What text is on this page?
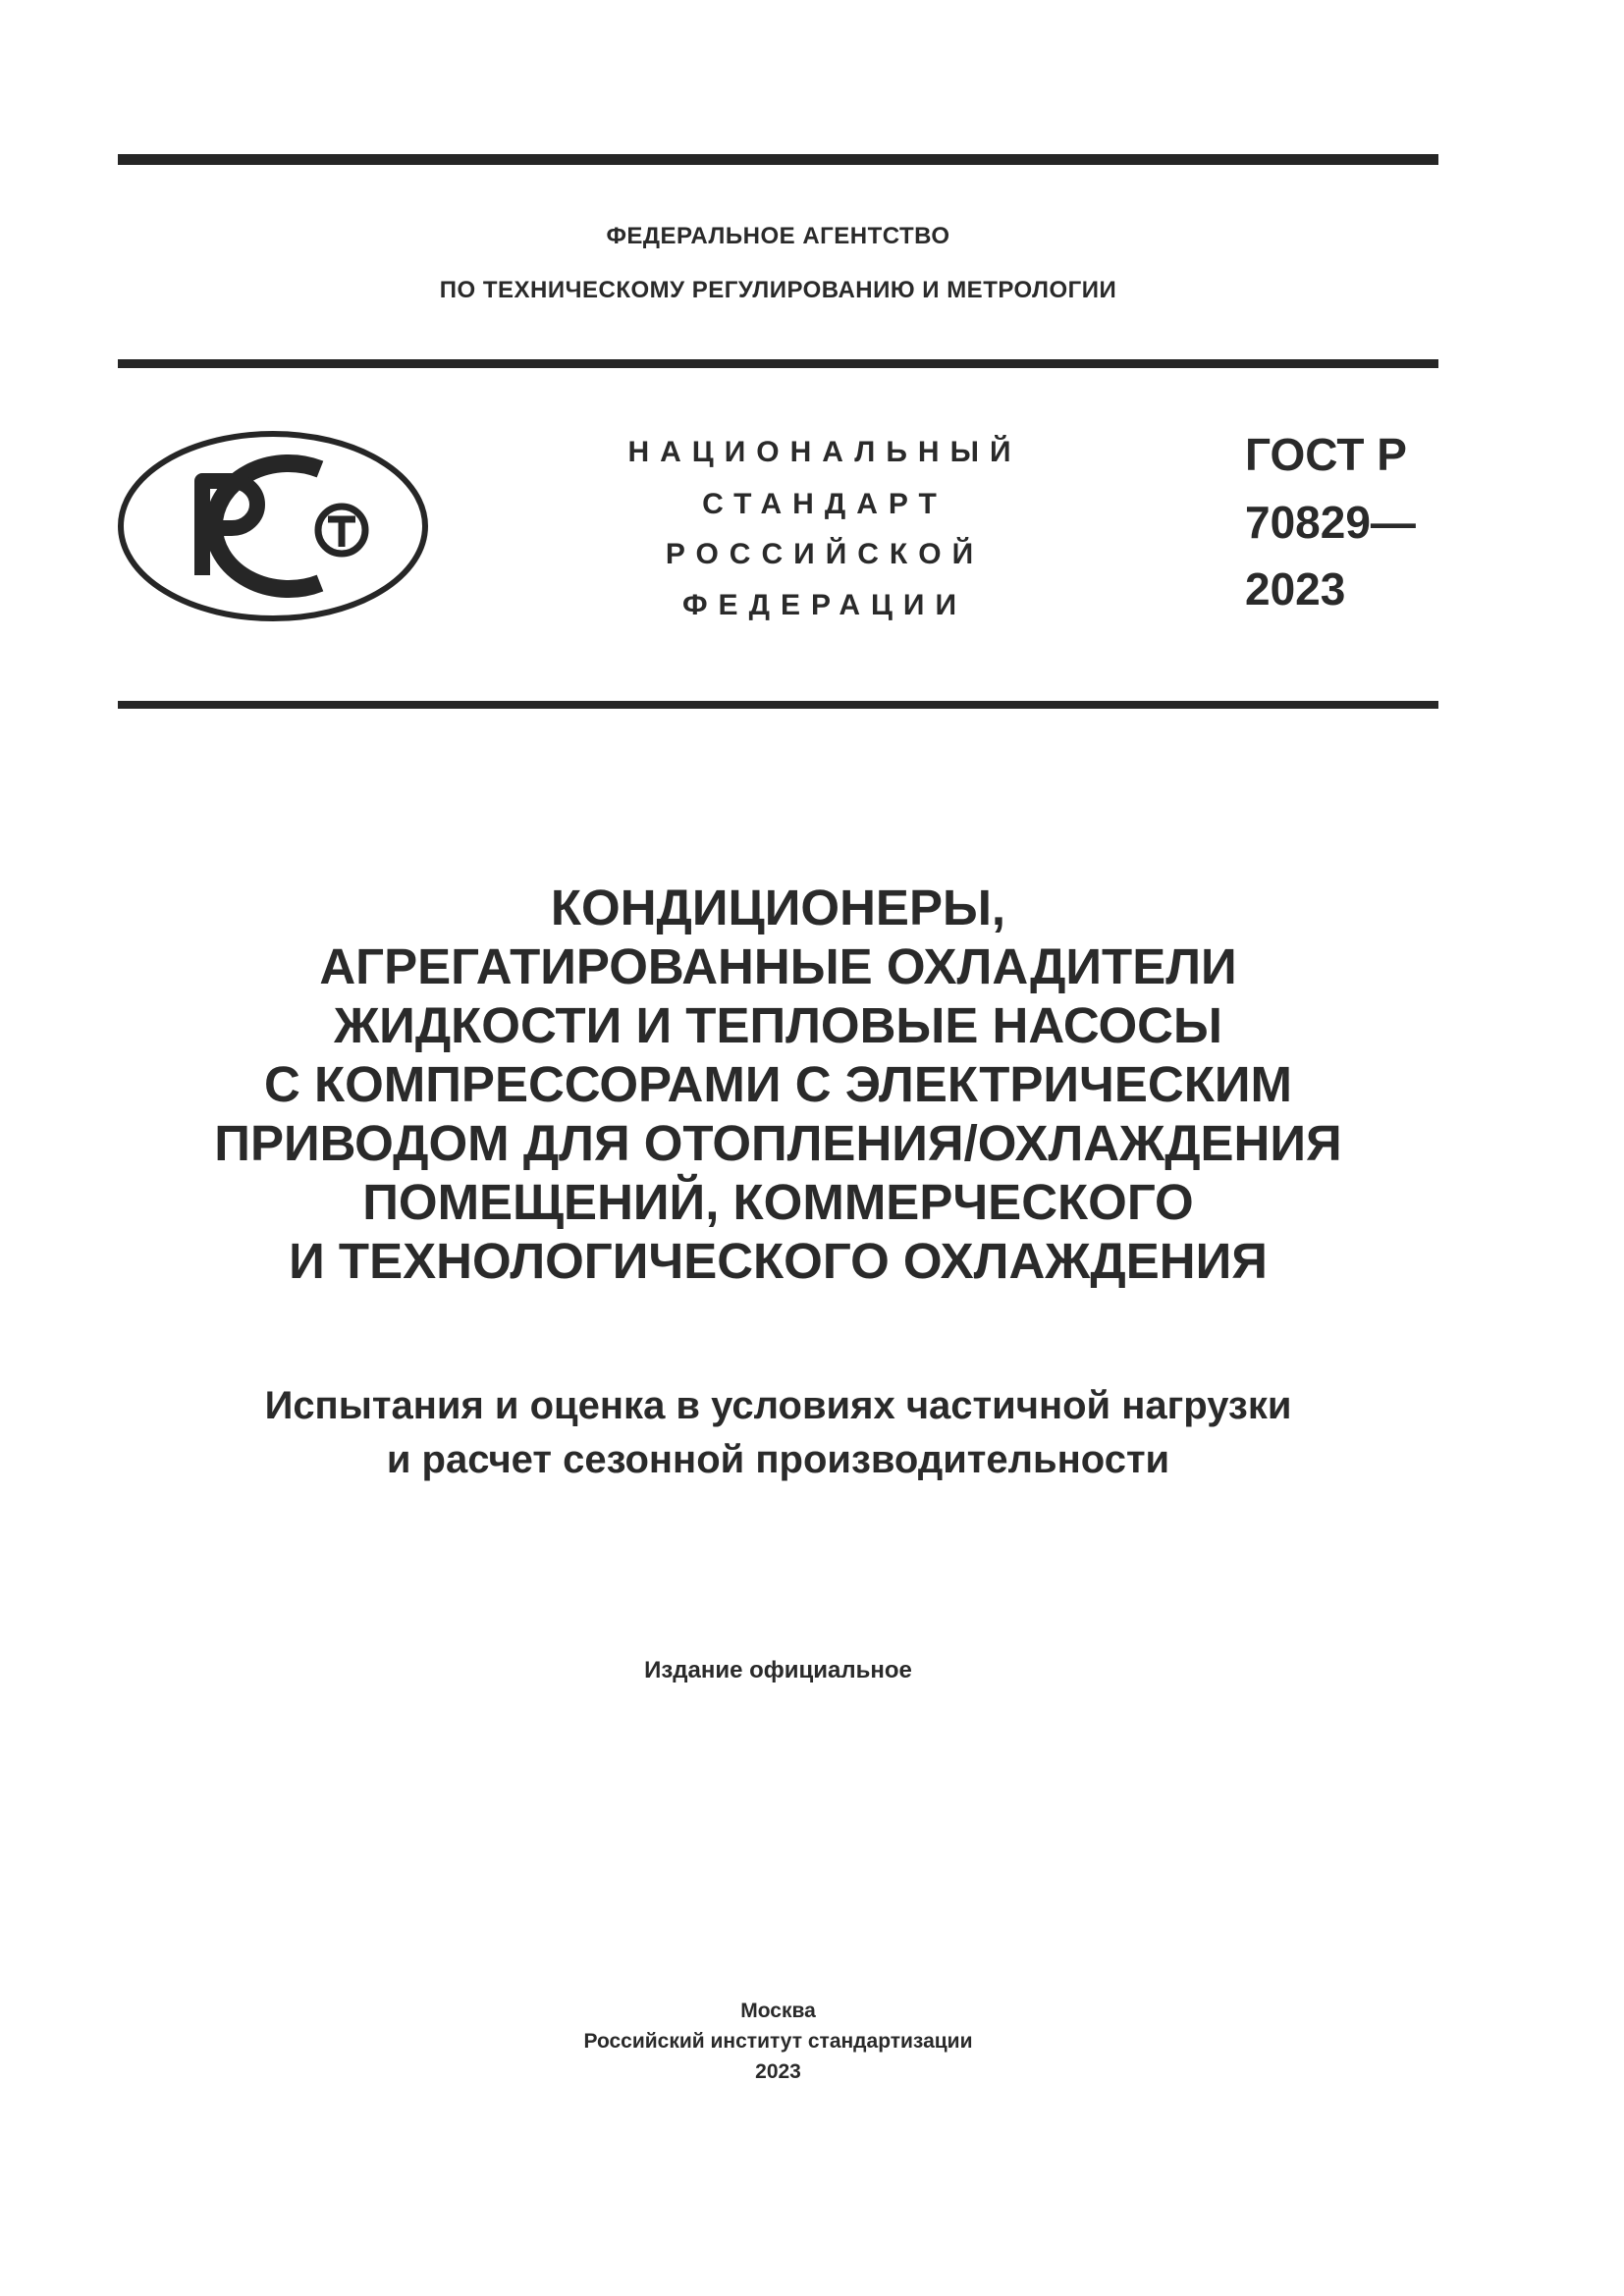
ФЕДЕРАЛЬНОЕ АГЕНТСТВО
ПО ТЕХНИЧЕСКОМУ РЕГУЛИРОВАНИЮ И МЕТРОЛОГИИ
НАЦИОНАЛЬНЫЙ
СТАНДАРТ
РОССИЙСКОЙ
ФЕДЕРАЦИИ
ГОСТ Р
70829—
2023
КОНДИЦИОНЕРЫ,
АГРЕГАТИРОВАННЫЕ ОХЛАДИТЕЛИ
ЖИДКОСТИ И ТЕПЛОВЫЕ НАСОСЫ
С КОМПРЕССОРАМИ С ЭЛЕКТРИЧЕСКИМ
ПРИВОДОМ ДЛЯ ОТОПЛЕНИЯ/ОХЛАЖДЕНИЯ
ПОМЕЩЕНИЙ, КОММЕРЧЕСКОГО
И ТЕХНОЛОГИЧЕСКОГО ОХЛАЖДЕНИЯ
Испытания и оценка в условиях частичной нагрузки
и расчет сезонной производительности
Издание официальное
Москва
Российский институт стандартизации
2023
